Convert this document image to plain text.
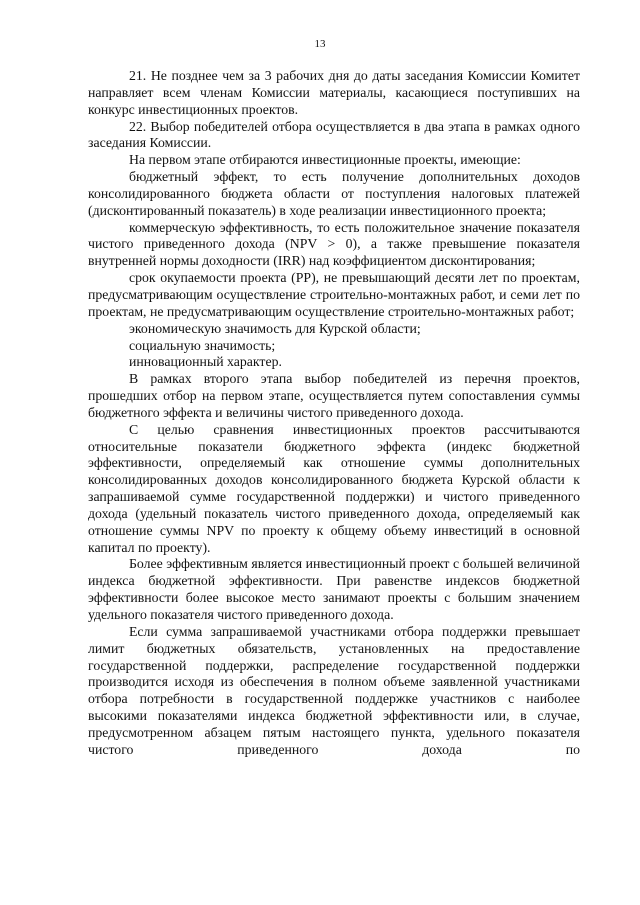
13

21. Не позднее чем за 3 рабочих дня до даты заседания Комиссии Комитет направляет всем членам Комиссии материалы, касающиеся поступивших на конкурс инвестиционных проектов.

22. Выбор победителей отбора осуществляется в два этапа в рамках одного заседания Комиссии.

На первом этапе отбираются инвестиционные проекты, имеющие:

бюджетный эффект, то есть получение дополнительных доходов консолидированного бюджета области от поступления налоговых платежей (дисконтированный показатель) в ходе реализации инвестиционного проекта;

коммерческую эффективность, то есть положительное значение показателя чистого приведенного дохода (NPV > 0), а также превышение показателя внутренней нормы доходности (IRR) над коэффициентом дисконтирования;

срок окупаемости проекта (PP), не превышающий десяти лет по проектам, предусматривающим осуществление строительно-монтажных работ, и семи лет по проектам, не предусматривающим осуществление строительно-монтажных работ;

экономическую значимость для Курской области;

социальную значимость;

инновационный характер.

В рамках второго этапа выбор победителей из перечня проектов, прошедших отбор на первом этапе, осуществляется путем сопоставления суммы бюджетного эффекта и величины чистого приведенного дохода.

С целью сравнения инвестиционных проектов рассчитываются относительные показатели бюджетного эффекта (индекс бюджетной эффективности, определяемый как отношение суммы дополнительных консолидированных доходов консолидированного бюджета Курской области к запрашиваемой сумме государственной поддержки) и чистого приведенного дохода (удельный показатель чистого приведенного дохода, определяемый как отношение суммы NPV по проекту к общему объему инвестиций в основной капитал по проекту).

Более эффективным является инвестиционный проект с большей величиной индекса бюджетной эффективности. При равенстве индексов бюджетной эффективности более высокое место занимают проекты с большим значением удельного показателя чистого приведенного дохода.

Если сумма запрашиваемой участниками отбора поддержки превышает лимит бюджетных обязательств, установленных на предоставление государственной поддержки, распределение государственной поддержки производится исходя из обеспечения в полном объеме заявленной участниками отбора потребности в государственной поддержке участников с наиболее высокими показателями индекса бюджетной эффективности или, в случае, предусмотренном абзацем пятым настоящего пункта, удельного показателя чистого приведенного дохода по
